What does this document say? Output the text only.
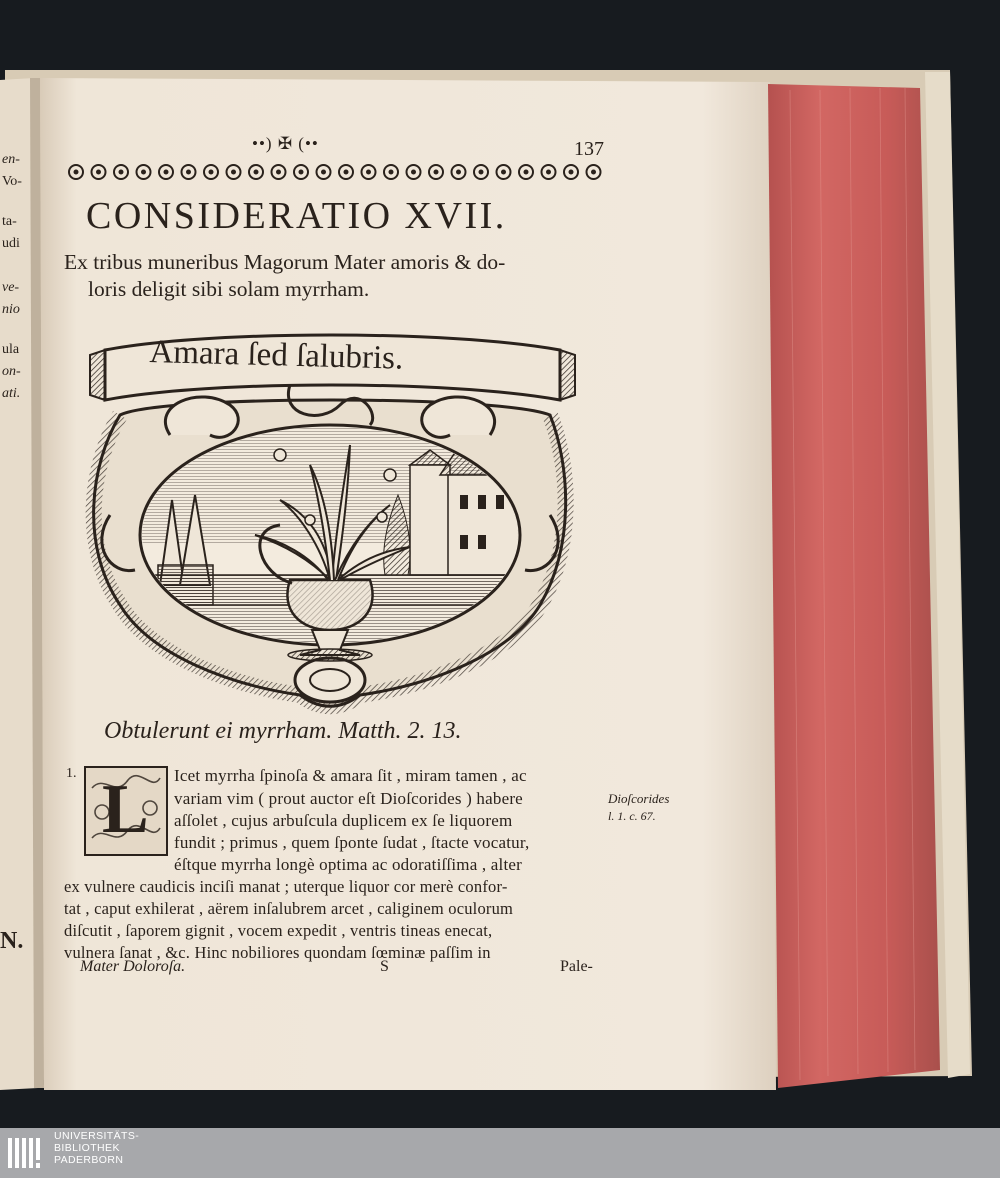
en-
Vo-
ta-
udi
ve-
nio
ula
on-
ati.
N.
••) ✠ (••	137
CONSIDERATIO XVII.
Ex tribus muneribus Magorum Mater amoris & do-
loris deligit sibi solam myrrham.
Amara ſed ſalubris.
Obtulerunt ei myrrham. Matth. 2. 13.
1. L Icet myrrha ſpinoſa & amara ſit , miram tamen , ac
variam vim ( prout auctor eſt Dioſcorides ) habere
aſſolet , cujus arbuſcula duplicem ex ſe liquorem
fundit ; primus , quem ſponte ſudat , ſtacte vocatur,
éſtque myrrha longè optima ac odoratiſſima , alter
ex vulnere caudicis inciſi manat ; uterque liquor cor merè confor-
tat , caput exhilerat , aërem inſalubrem arcet , caliginem oculorum
diſcutit , ſaporem gignit , vocem expedit , ventris tineas enecat,
vulnera ſanat , &c. Hinc nobiliores quondam ſœminæ paſſim in
Dioſcorides
l. 1. c. 67.
Mater Doloroſa.	S	Pale-
UNIVERSITÄTS-
BIBLIOTHEK
PADERBORN
